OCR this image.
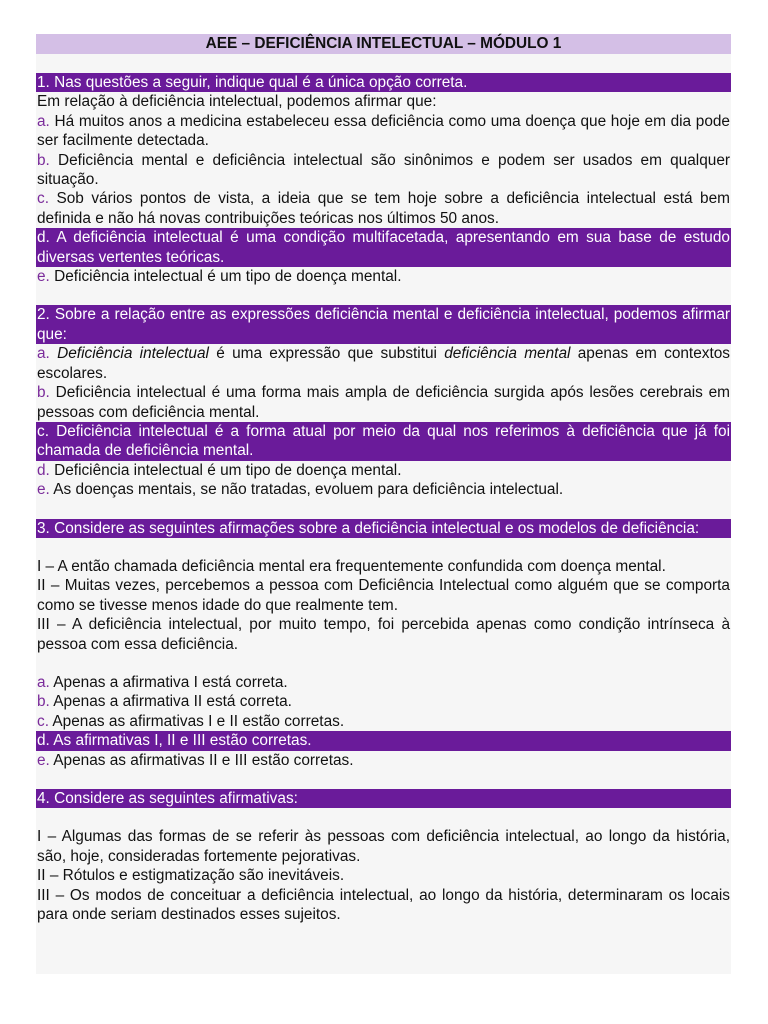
AEE – DEFICIÊNCIA INTELECTUAL – MÓDULO 1
1. Nas questões a seguir, indique qual é a única opção correta.
Em relação à deficiência intelectual, podemos afirmar que:
a. Há muitos anos a medicina estabeleceu essa deficiência como uma doença que hoje em dia pode ser facilmente detectada.
b. Deficiência mental e deficiência intelectual são sinônimos e podem ser usados em qualquer situação.
c. Sob vários pontos de vista, a ideia que se tem hoje sobre a deficiência intelectual está bem definida e não há novas contribuições teóricas nos últimos 50 anos.
d. A deficiência intelectual é uma condição multifacetada, apresentando em sua base de estudo diversas vertentes teóricas.
e. Deficiência intelectual é um tipo de doença mental.
2. Sobre a relação entre as expressões deficiência mental e deficiência intelectual, podemos afirmar que:
a. Deficiência intelectual é uma expressão que substitui deficiência mental apenas em contextos escolares.
b. Deficiência intelectual é uma forma mais ampla de deficiência surgida após lesões cerebrais em pessoas com deficiência mental.
c. Deficiência intelectual é a forma atual por meio da qual nos referimos à deficiência que já foi chamada de deficiência mental.
d. Deficiência intelectual é um tipo de doença mental.
e. As doenças mentais, se não tratadas, evoluem para deficiência intelectual.
3. Considere as seguintes afirmações sobre a deficiência intelectual e os modelos de deficiência:
I – A então chamada deficiência mental era frequentemente confundida com doença mental.
II – Muitas vezes, percebemos a pessoa com Deficiência Intelectual como alguém que se comporta como se tivesse menos idade do que realmente tem.
III – A deficiência intelectual, por muito tempo, foi percebida apenas como condição intrínseca à pessoa com essa deficiência.
a. Apenas a afirmativa I está correta.
b. Apenas a afirmativa II está correta.
c. Apenas as afirmativas I e II estão corretas.
d. As afirmativas I, II e III estão corretas.
e. Apenas as afirmativas II e III estão corretas.
4. Considere as seguintes afirmativas:
I – Algumas das formas de se referir às pessoas com deficiência intelectual, ao longo da história, são, hoje, consideradas fortemente pejorativas.
II – Rótulos e estigmatização são inevitáveis.
III – Os modos de conceituar a deficiência intelectual, ao longo da história, determinaram os locais para onde seriam destinados esses sujeitos.
